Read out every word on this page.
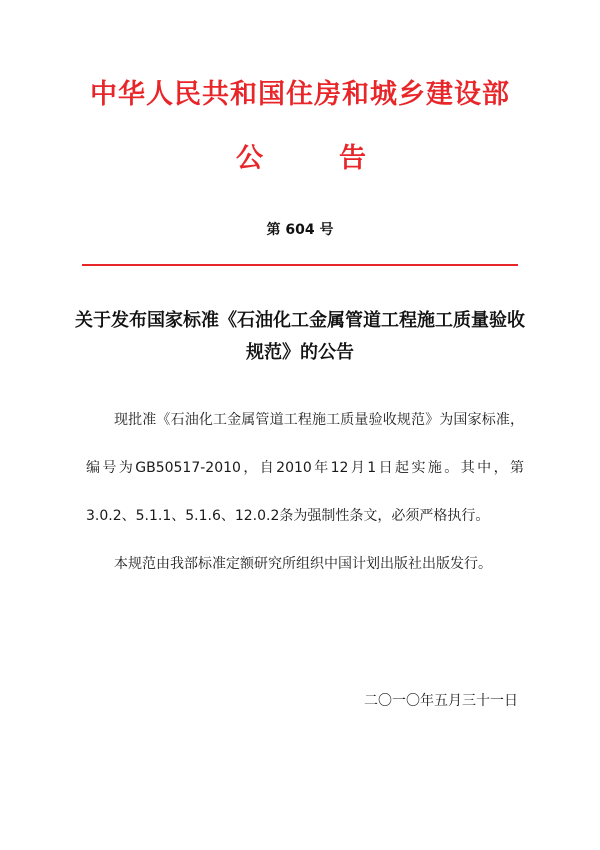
中华人民共和国住房和城乡建设部
公	告
第 604 号
关于发布国家标准《石油化工金属管道工程施工质量验收规范》的公告
现批准《石油化工金属管道工程施工质量验收规范》为国家标准，编号为GB50517-2010，自2010年12月1日起实施。其中，第3.0.2、5.1.1、5.1.6、12.0.2条为强制性条文，必须严格执行。
本规范由我部标准定额研究所组织中国计划出版社出版发行。
二〇一〇年五月三十一日
